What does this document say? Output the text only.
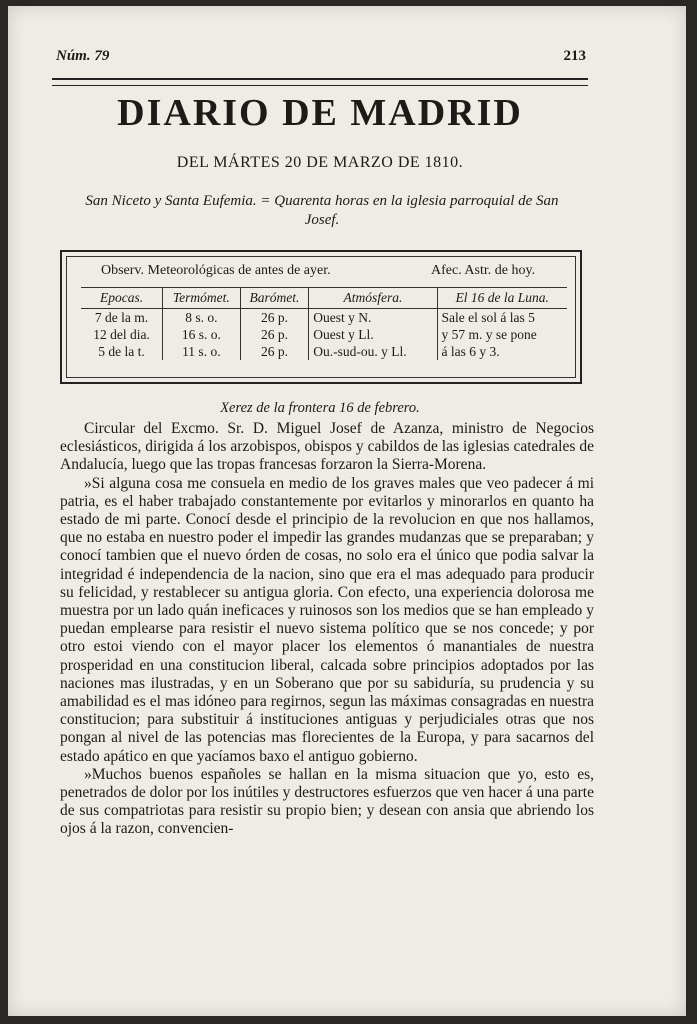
Núm. 79	213
DIARIO DE MADRID
DEL MÁRTES 20 DE MARZO DE 1810.
San Niceto y Santa Eufemia. = Quarenta horas en la iglesia parroquial de San Josef.
Observ. Meteorológicas de antes de ayer.	Afec. Astr. de hoy.
Epocas.	Termómet.	Barómet.	Atmósfera.	El 16 de la Luna.
7 de la m.	8 s. o.	26 p.	Ouest y N.	Sale el sol á las 5
12 del dia.	16 s. o.	26 p.	Ouest y Ll.	y 57 m. y se pone
5 de la t.	11 s. o.	26 p.	Ou.-sud-ou. y Ll.	á las 6 y 3.
Xerez de la frontera 16 de febrero.

Circular del Excmo. Sr. D. Miguel Josef de Azanza, ministro de Negocios eclesiásticos, dirigida á los arzobispos, obispos y cabildos de las iglesias catedrales de Andalucía, luego que las tropas francesas forzaron la Sierra-Morena.

»Si alguna cosa me consuela en medio de los graves males que veo padecer á mi patria, es el haber trabajado constantemente por evitarlos y minorarlos en quanto ha estado de mi parte. Conocí desde el principio de la revolucion en que nos hallamos, que no estaba en nuestro poder el impedir las grandes mudanzas que se preparaban; y conocí tambien que el nuevo órden de cosas, no solo era el único que podia salvar la integridad é independencia de la nacion, sino que era el mas adequado para producir su felicidad, y restablecer su antigua gloria. Con efecto, una experiencia dolorosa me muestra por un lado quán ineficaces y ruinosos son los medios que se han empleado y puedan emplearse para resistir el nuevo sistema político que se nos concede; y por otro estoi viendo con el mayor placer los elementos ó manantiales de nuestra prosperidad en una constitucion liberal, calcada sobre principios adoptados por las naciones mas ilustradas, y en un Soberano que por su sabiduría, su prudencia y su amabilidad es el mas idóneo para regirnos, segun las máximas consagradas en nuestra constitucion; para substituir á instituciones antiguas y perjudiciales otras que nos pongan al nivel de las potencias mas florecientes de la Europa, y para sacarnos del estado apático en que yacíamos baxo el antiguo gobierno.

»Muchos buenos españoles se hallan en la misma situacion que yo, esto es, penetrados de dolor por los inútiles y destructores esfuerzos que ven hacer á una parte de sus compatriotas para resistir su propio bien; y desean con ansia que abriendo los ojos á la razon, convencien-
